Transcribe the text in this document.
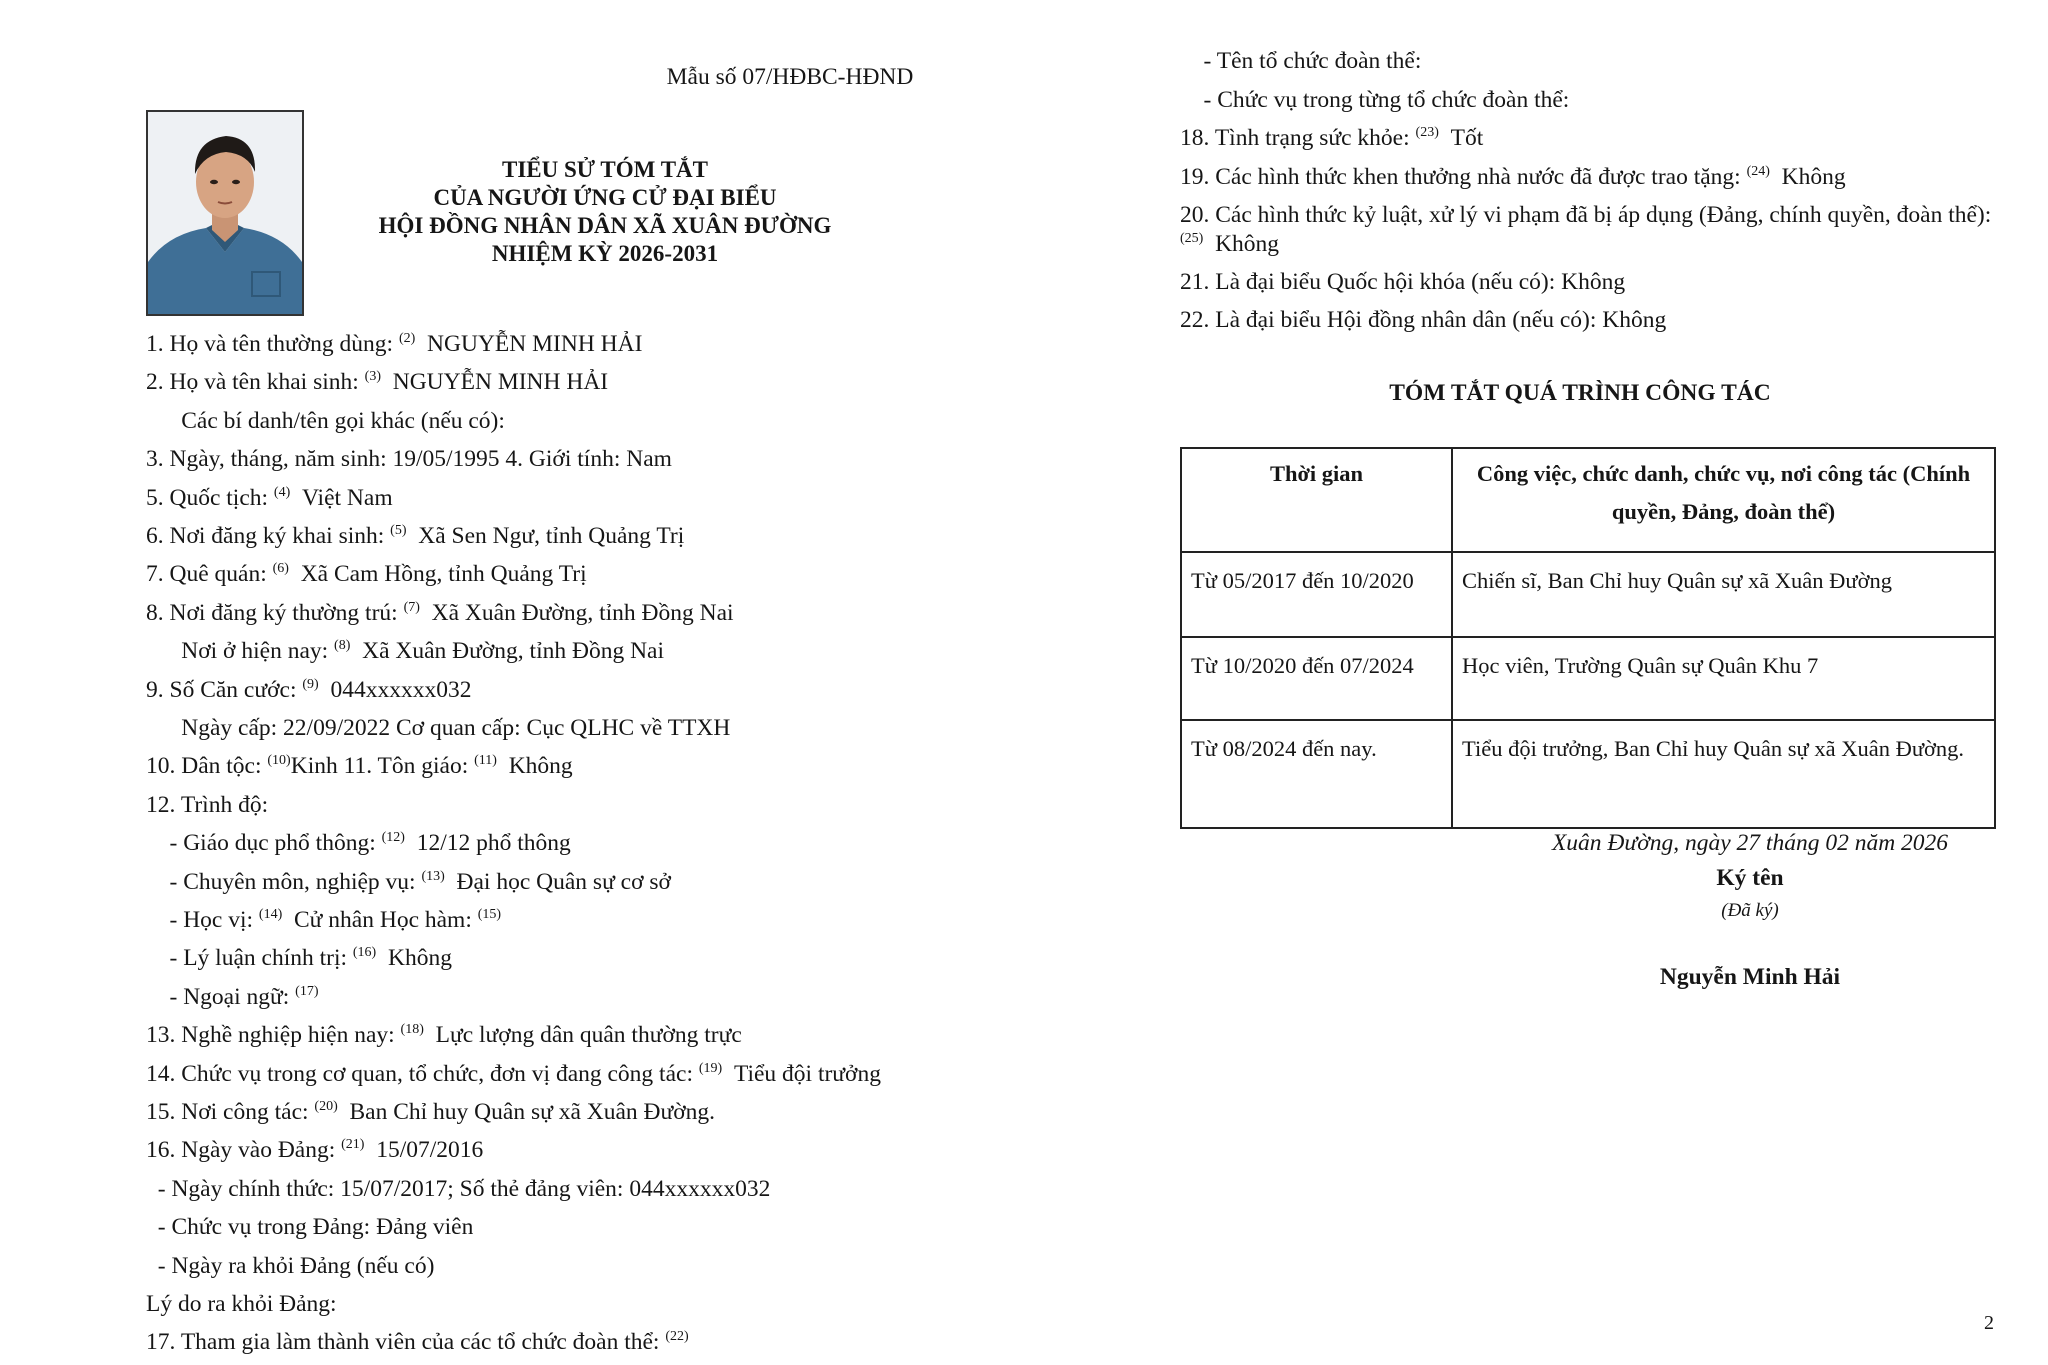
Mẫu số 07/HĐBC-HĐND
TIỂU SỬ TÓM TẮT
CỦA NGƯỜI ỨNG CỬ ĐẠI BIỂU
HỘI ĐỒNG NHÂN DÂN XÃ XUÂN ĐƯỜNG
NHIỆM KỲ 2026-2031
1. Họ và tên thường dùng: $^{(2)}$  NGUYỄN MINH HẢI
2. Họ và tên khai sinh: $^{(3)}$  NGUYỄN MINH HẢI
Các bí danh/tên gọi khác (nếu có):
3. Ngày, tháng, năm sinh: 19/05/1995 4. Giới tính: Nam
5. Quốc tịch: $^{(4)}$  Việt Nam
6. Nơi đăng ký khai sinh: $^{(5)}$  Xã Sen Ngư, tỉnh Quảng Trị
7. Quê quán: $^{(6)}$  Xã Cam Hồng, tỉnh Quảng Trị
8. Nơi đăng ký thường trú: $^{(7)}$  Xã Xuân Đường, tỉnh Đồng Nai
Nơi ở hiện nay: $^{(8)}$  Xã Xuân Đường, tỉnh Đồng Nai
9. Số Căn cước: $^{(9)}$  044xxxxxx032
Ngày cấp: 22/09/2022 Cơ quan cấp: Cục QLHC về TTXH
10. Dân tộc: $^{(10)}$Kinh 11. Tôn giáo: $^{(11)}$  Không
12. Trình độ:
- Giáo dục phổ thông: $^{(12)}$  12/12 phổ thông
- Chuyên môn, nghiệp vụ: $^{(13)}$  Đại học Quân sự cơ sở
- Học vị: $^{(14)}$  Cử nhân Học hàm: $^{(15)}$
- Lý luận chính trị: $^{(16)}$  Không
- Ngoại ngữ: $^{(17)}$
13. Nghề nghiệp hiện nay: $^{(18)}$  Lực lượng dân quân thường trực
14. Chức vụ trong cơ quan, tổ chức, đơn vị đang công tác: $^{(19)}$  Tiểu đội trưởng
15. Nơi công tác: $^{(20)}$  Ban Chỉ huy Quân sự xã Xuân Đường.
16. Ngày vào Đảng: $^{(21)}$  15/07/2016
- Ngày chính thức: 15/07/2017; Số thẻ đảng viên: 044xxxxxx032
- Chức vụ trong Đảng: Đảng viên
- Ngày ra khỏi Đảng (nếu có)
Lý do ra khỏi Đảng:
17. Tham gia làm thành viên của các tổ chức đoàn thể: $^{(22)}$
- Tên tổ chức đoàn thể:
- Chức vụ trong từng tổ chức đoàn thể:
18. Tình trạng sức khỏe: $^{(23)}$  Tốt
19. Các hình thức khen thưởng nhà nước đã được trao tặng: $^{(24)}$  Không
20. Các hình thức kỷ luật, xử lý vi phạm đã bị áp dụng (Đảng, chính quyền, đoàn thể):
$^{(25)}$  Không
21. Là đại biểu Quốc hội khóa (nếu có): Không
22. Là đại biểu Hội đồng nhân dân (nếu có): Không
TÓM TẮT QUÁ TRÌNH CÔNG TÁC
Thời gian	Công việc, chức danh, chức vụ, nơi công tác (Chính quyền, Đảng, đoàn thể)
Từ 05/2017 đến 10/2020	Chiến sĩ, Ban Chỉ huy Quân sự xã Xuân Đường
Từ 10/2020 đến 07/2024	Học viên, Trường Quân sự Quân Khu 7
Từ 08/2024 đến nay.	Tiểu đội trưởng, Ban Chỉ huy Quân sự xã Xuân Đường.
Xuân Đường, ngày 27 tháng 02 năm 2026
Ký tên
(Đã ký)
Nguyễn Minh Hải
2
